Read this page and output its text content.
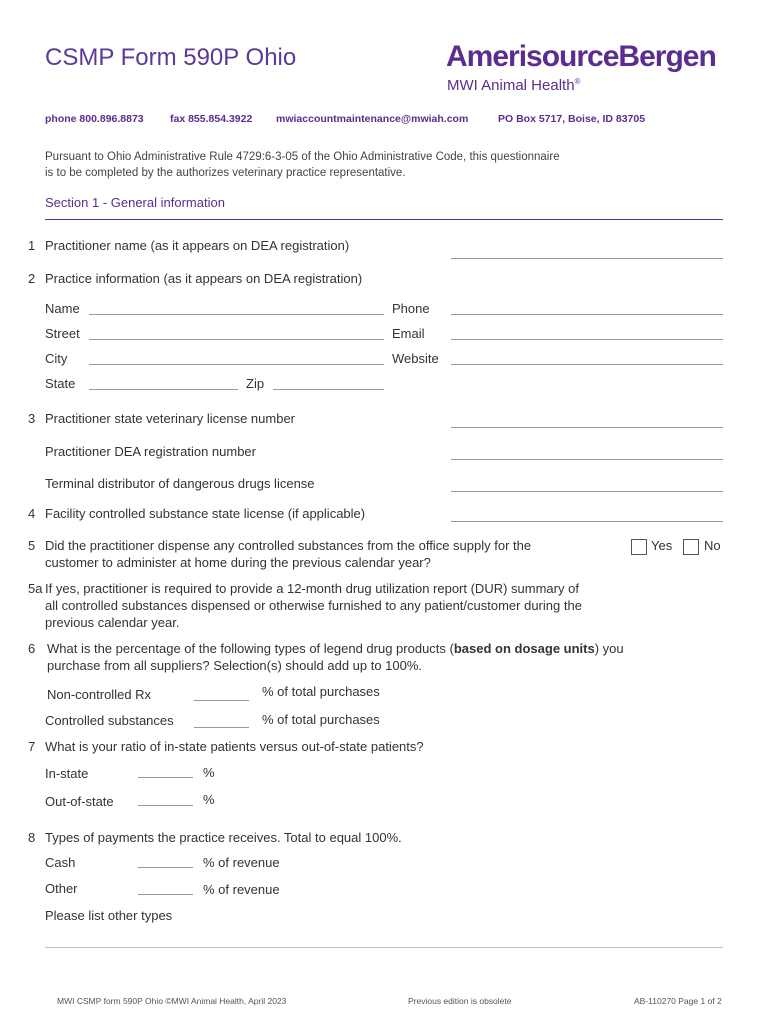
CSMP Form 590P Ohio	AmerisourceBergen
MWI Animal Health®
phone 800.896.8873	fax 855.854.3922 mwiaccountmaintenance@mwiah.com	PO Box 5717, Boise, ID 83705
Pursuant to Ohio Administrative Rule 4729:6-3-05 of the Ohio Administrative Code, this questionnaire
is to be completed by the authorizes veterinary practice representative.
Section 1 - General information
1 Practitioner name (as it appears on DEA registration)
2 Practice information (as it appears on DEA registration)
Name	Phone
Street	Email
City	Website
State	Zip
3 Practitioner state veterinary license number
Practitioner DEA registration number
Terminal distributor of dangerous drugs license
4 Facility controlled substance state license (if applicable)
5 Did the practitioner dispense any controlled substances from the office supply for the
customer to administer at home during the previous calendar year?
Yes No
5a If yes, practitioner is required to provide a 12-month drug utilization report (DUR) summary of
all controlled substances dispensed or otherwise furnished to any patient/customer during the
previous calendar year.
6 What is the percentage of the following types of legend drug products (based on dosage units) you
purchase from all suppliers? Selection(s) should add up to 100%.
Non-controlled Rx	% of total purchases
Controlled substances	% of total purchases
7 What is your ratio of in-state patients versus out-of-state patients?
In-state	%
Out-of-state	%
8 Types of payments the practice receives. Total to equal 100%.
Cash	% of revenue
Other	% of revenue
Please list other types
MWI CSMP form 590P Ohio ©MWI Animal Health, April 2023	Previous edition is obsolete	AB-110270 Page 1 of 2
